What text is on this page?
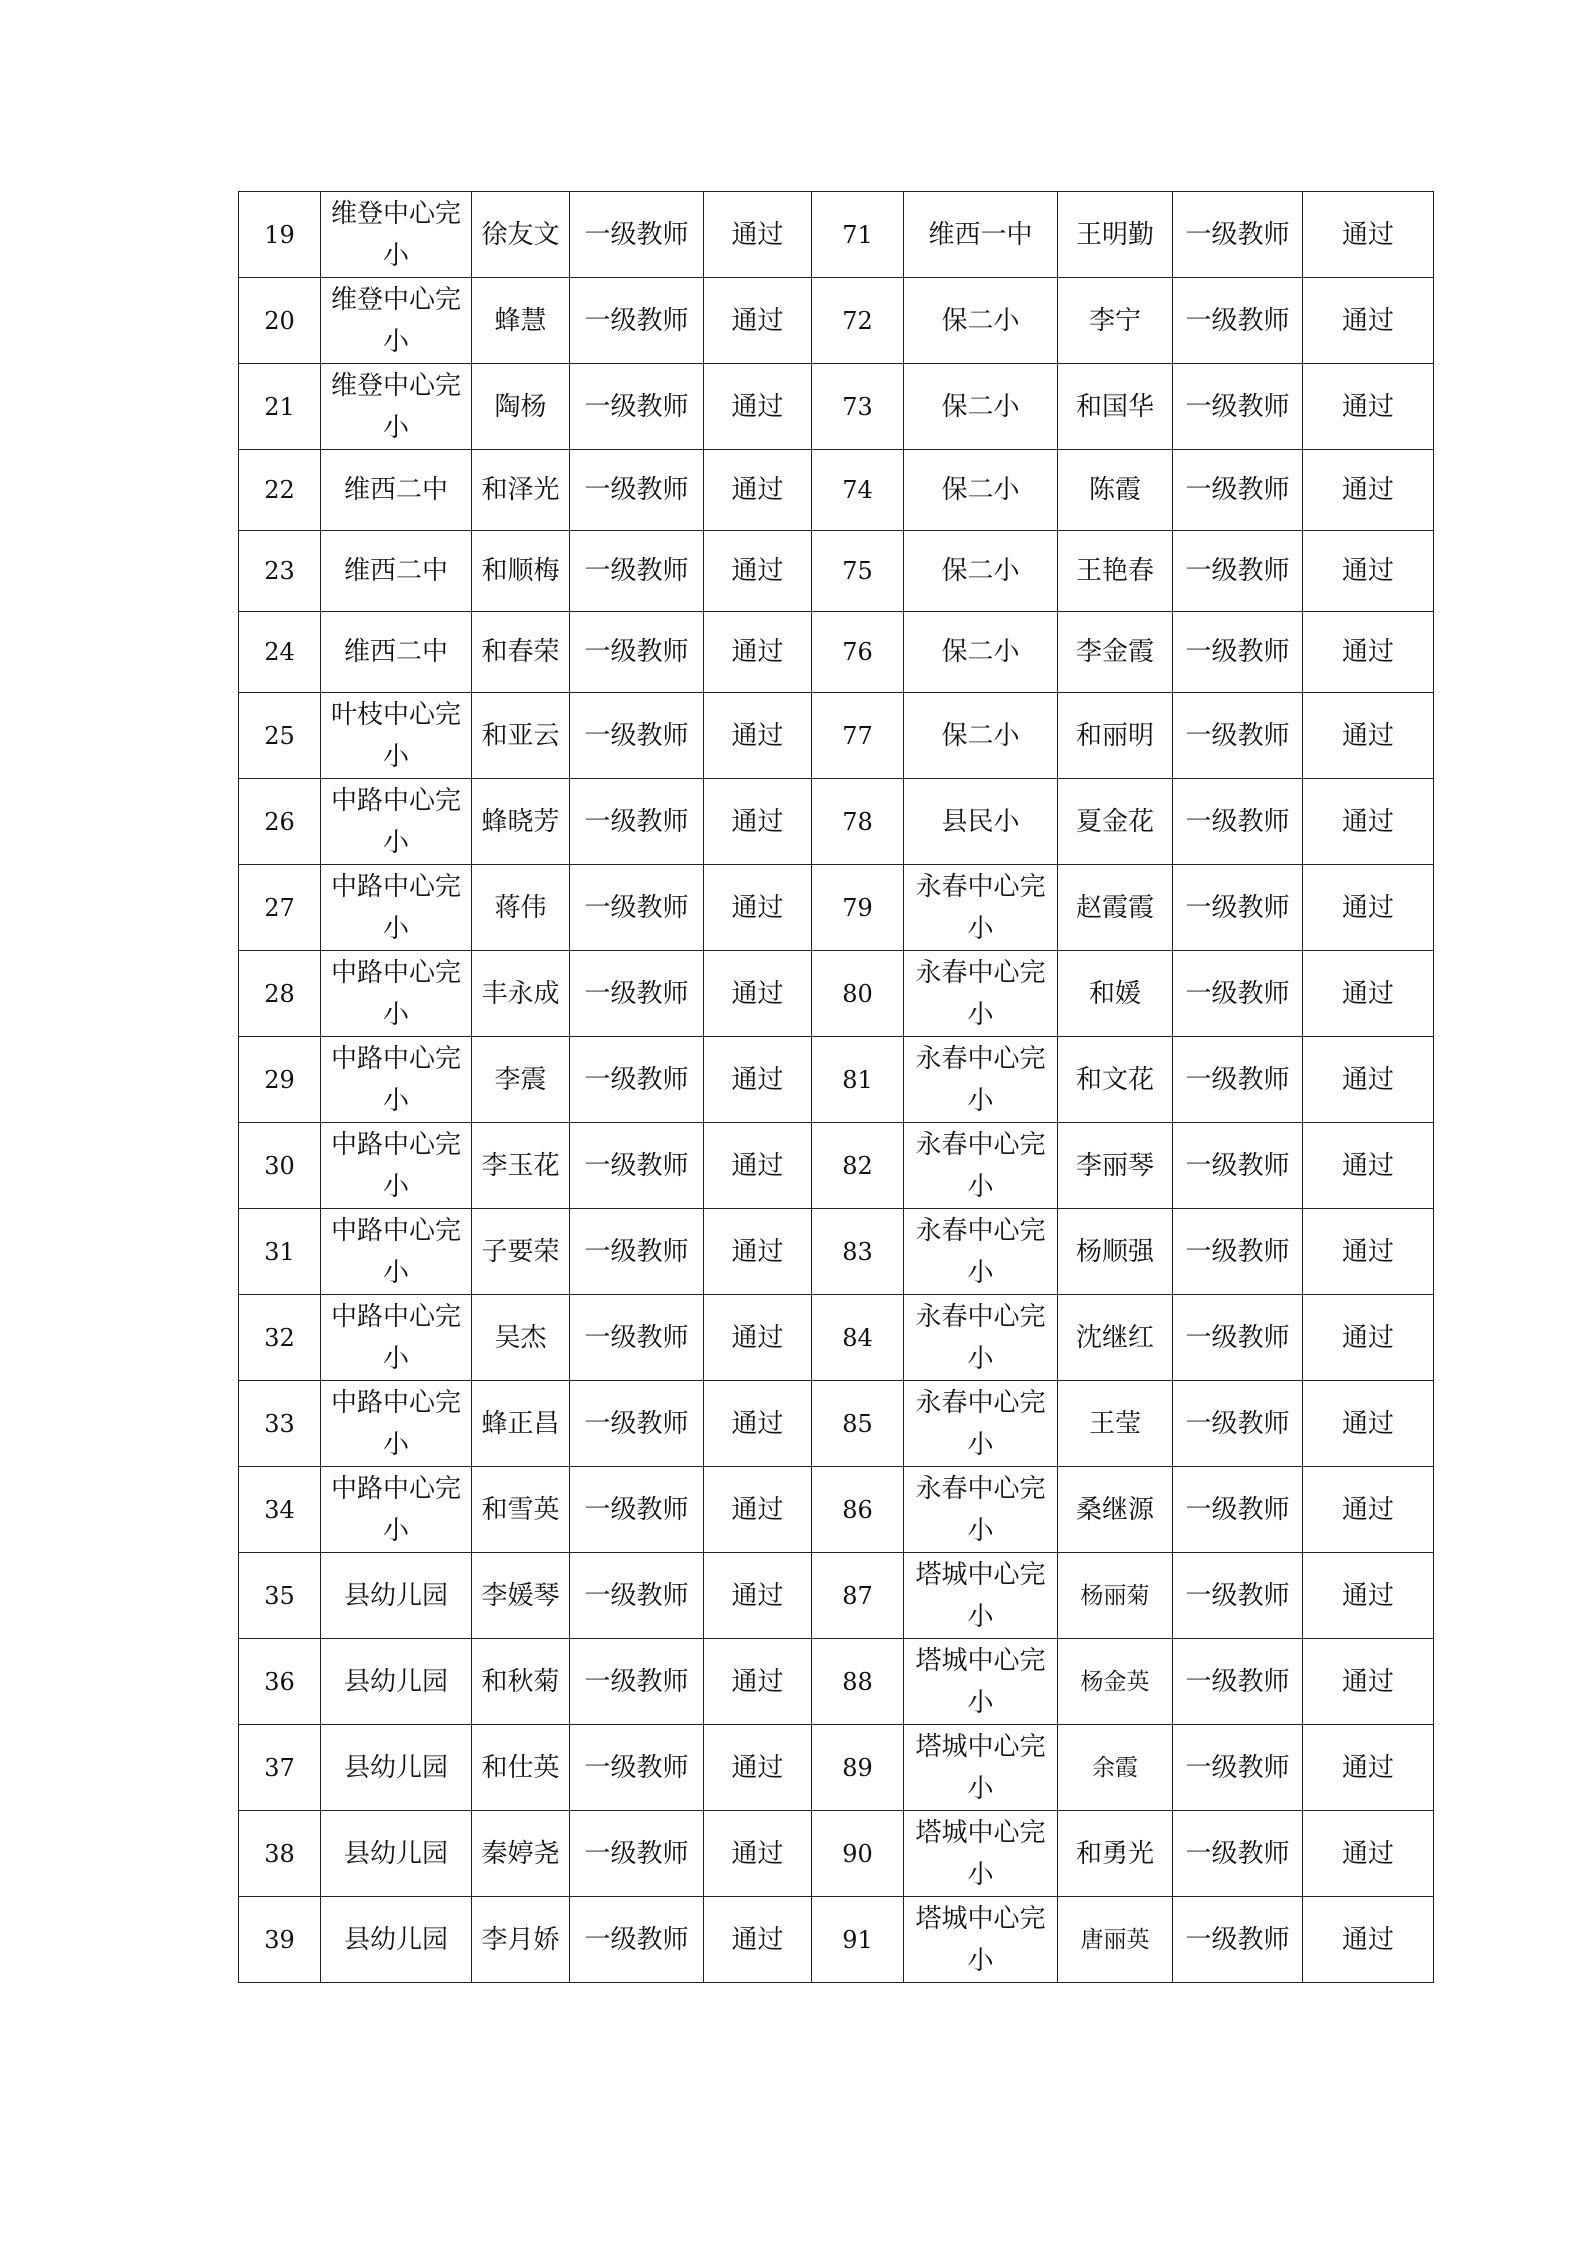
19	维登中心完小	徐友文	一级教师	通过	71	维西一中	王明勤	一级教师	通过
20	维登中心完小	蜂慧	一级教师	通过	72	保二小	李宁	一级教师	通过
21	维登中心完小	陶杨	一级教师	通过	73	保二小	和国华	一级教师	通过
22	维西二中	和泽光	一级教师	通过	74	保二小	陈霞	一级教师	通过
23	维西二中	和顺梅	一级教师	通过	75	保二小	王艳春	一级教师	通过
24	维西二中	和春荣	一级教师	通过	76	保二小	李金霞	一级教师	通过
25	叶枝中心完小	和亚云	一级教师	通过	77	保二小	和丽明	一级教师	通过
26	中路中心完小	蜂晓芳	一级教师	通过	78	县民小	夏金花	一级教师	通过
27	中路中心完小	蒋伟	一级教师	通过	79	永春中心完小	赵霞霞	一级教师	通过
28	中路中心完小	丰永成	一级教师	通过	80	永春中心完小	和媛	一级教师	通过
29	中路中心完小	李震	一级教师	通过	81	永春中心完小	和文花	一级教师	通过
30	中路中心完小	李玉花	一级教师	通过	82	永春中心完小	李丽琴	一级教师	通过
31	中路中心完小	子要荣	一级教师	通过	83	永春中心完小	杨顺强	一级教师	通过
32	中路中心完小	吴杰	一级教师	通过	84	永春中心完小	沈继红	一级教师	通过
33	中路中心完小	蜂正昌	一级教师	通过	85	永春中心完小	王莹	一级教师	通过
34	中路中心完小	和雪英	一级教师	通过	86	永春中心完小	桑继源	一级教师	通过
35	县幼儿园	李媛琴	一级教师	通过	87	塔城中心完小	杨丽菊	一级教师	通过
36	县幼儿园	和秋菊	一级教师	通过	88	塔城中心完小	杨金英	一级教师	通过
37	县幼儿园	和仕英	一级教师	通过	89	塔城中心完小	余霞	一级教师	通过
38	县幼儿园	秦婷尧	一级教师	通过	90	塔城中心完小	和勇光	一级教师	通过
39	县幼儿园	李月娇	一级教师	通过	91	塔城中心完小	唐丽英	一级教师	通过
